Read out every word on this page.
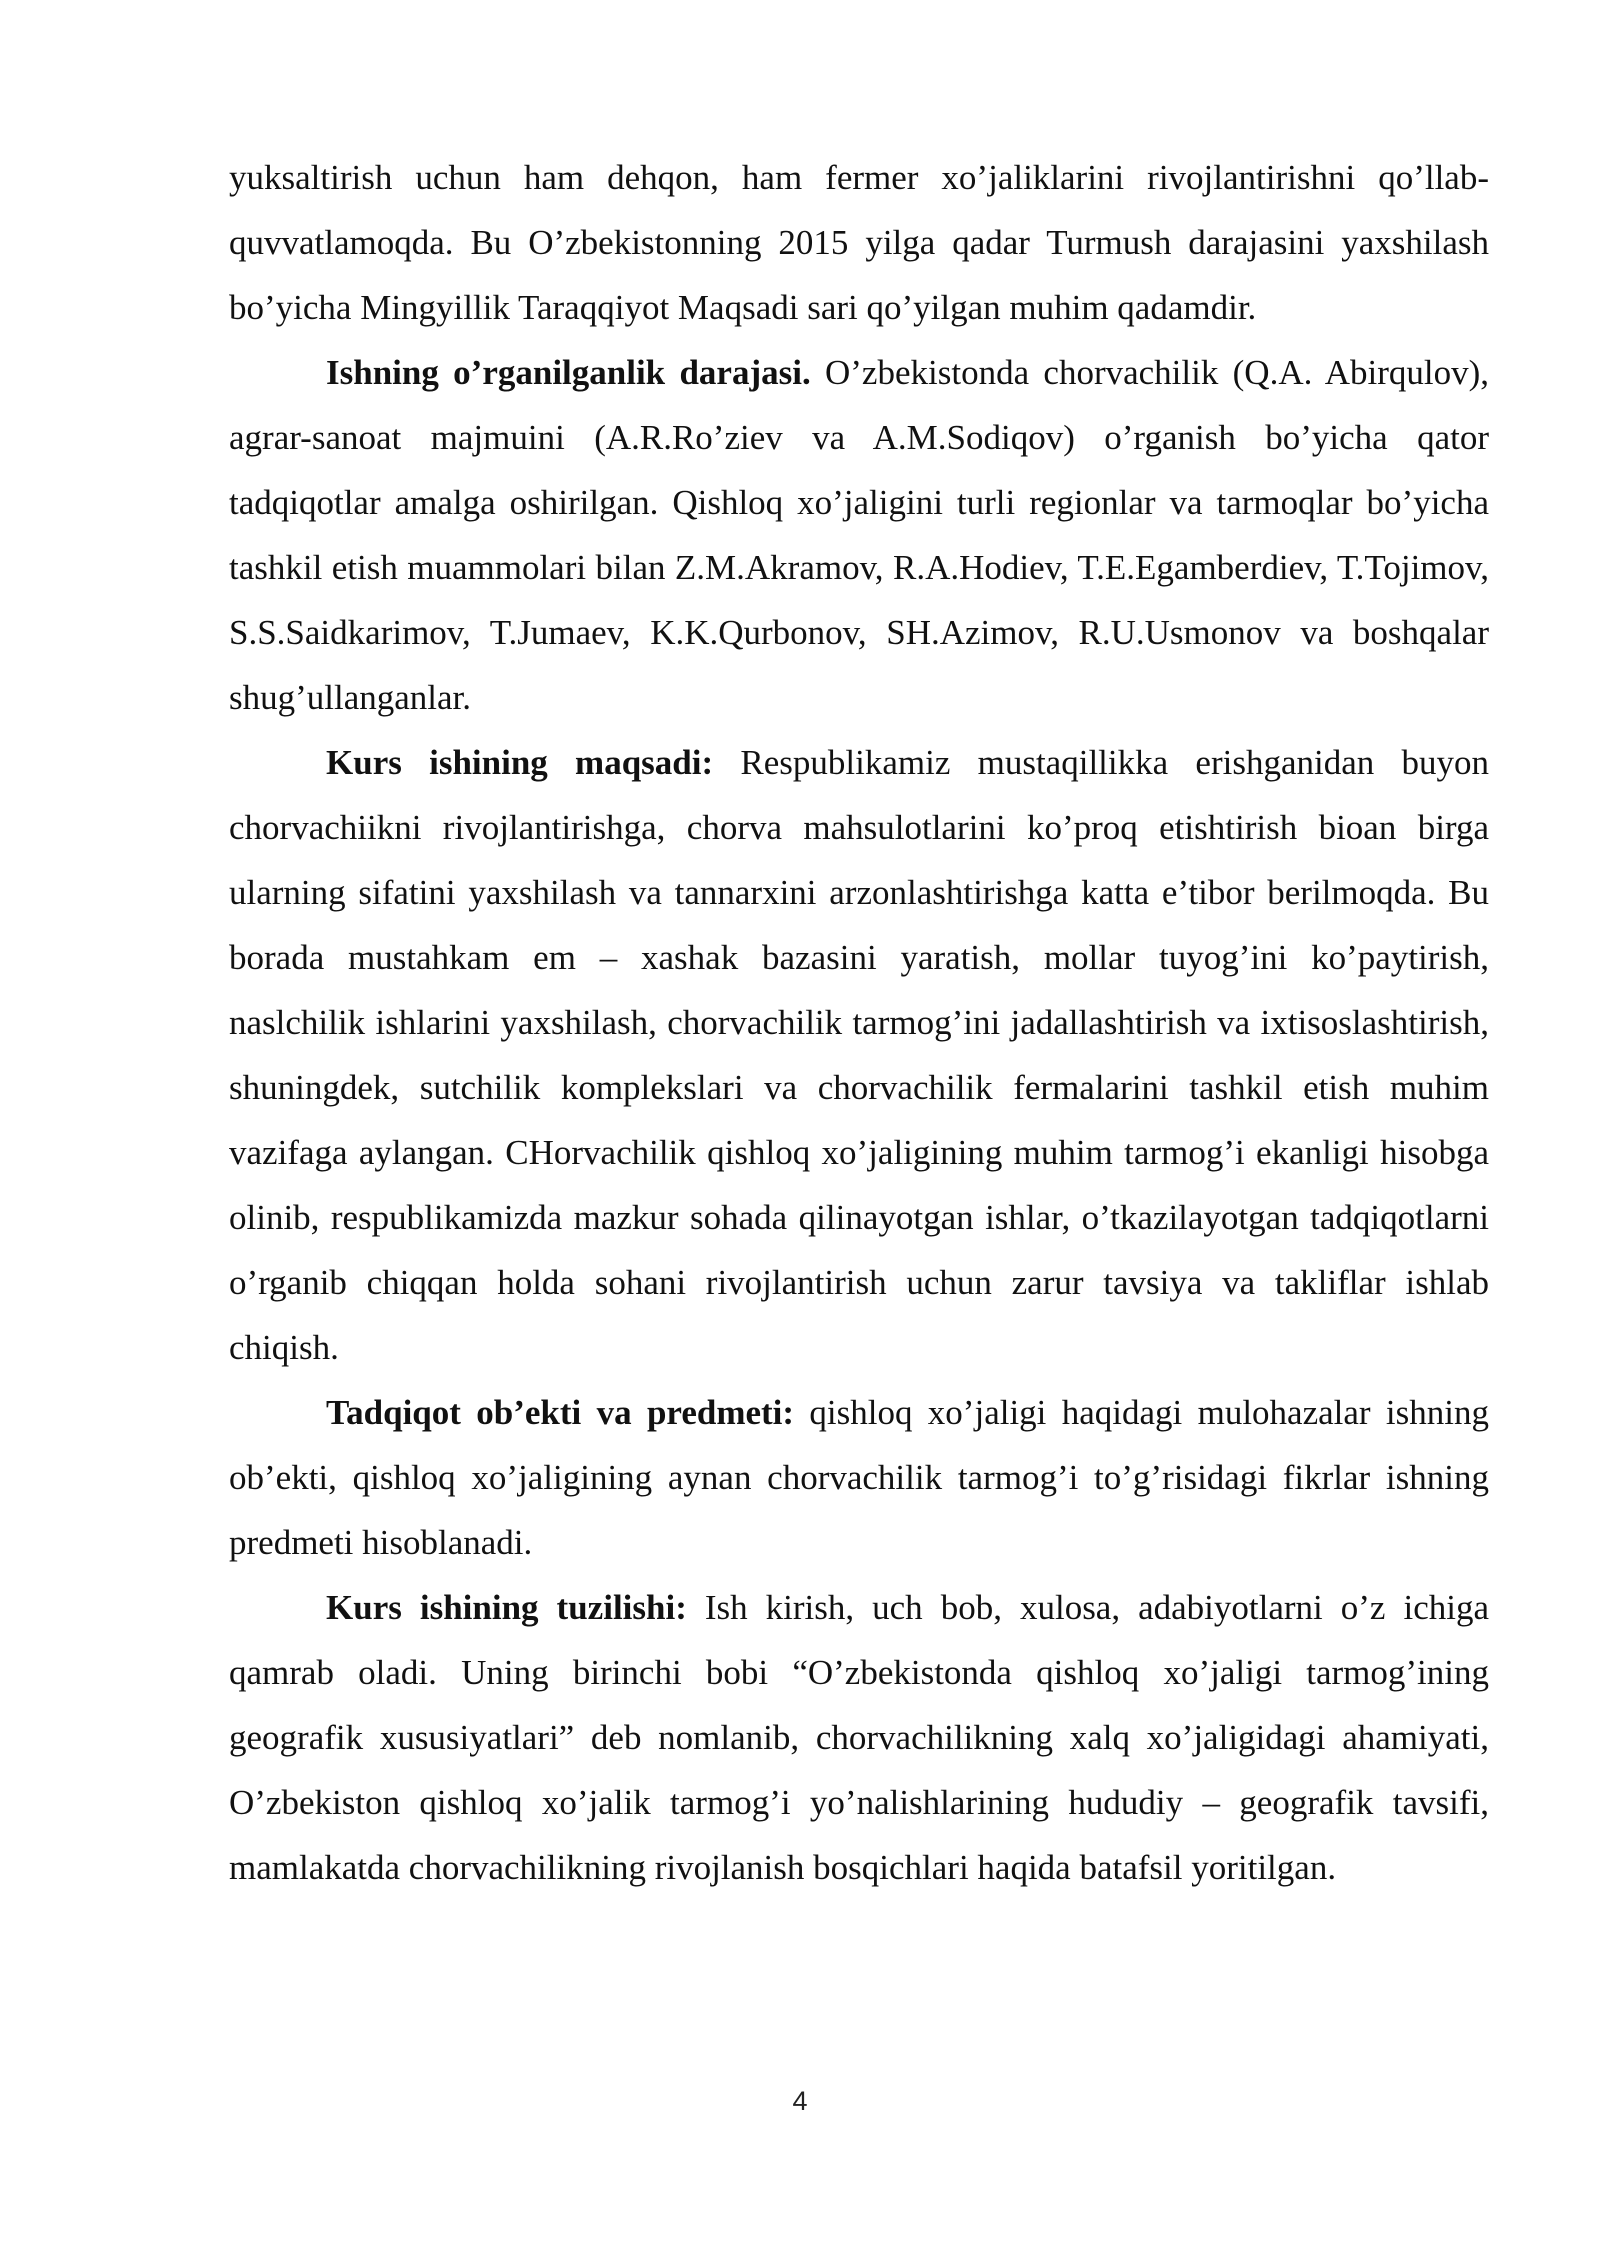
yuksaltirish uchun ham dehqon, ham fermer xo’jaliklarini rivojlantirishni qo’llab-quvvatlamoqda. Bu O’zbekistonning 2015 yilga qadar Turmush darajasini yaxshilash bo’yicha Mingyillik Taraqqiyot Maqsadi sari qo’yilgan muhim qadamdir.

Ishning o’rganilganlik darajasi. O’zbekistonda chorvachilik (Q.A. Abirqulov), agrar-sanoat majmuini (A.R.Ro’ziev va A.M.Sodiqov) o’rganish bo’yicha qator tadqiqotlar amalga oshirilgan. Qishloq xo’jaligini turli regionlar va tarmoqlar bo’yicha tashkil etish muammolari bilan Z.M.Akramov, R.A.Hodiev, T.E.Egamberdiev, T.Tojimov, S.S.Saidkarimov, T.Jumaev, K.K.Qurbonov, SH.Azimov, R.U.Usmonov va boshqalar shug’ullanganlar.

Kurs ishining maqsadi: Respublikamiz mustaqillikka erishganidan buyon chorvachiikni rivojlantirishga, chorva mahsulotlarini ko’proq etishtirish bioan birga ularning sifatini yaxshilash va tannarxini arzonlashtirishga katta e’tibor berilmoqda. Bu borada mustahkam em – xashak bazasini yaratish, mollar tuyog’ini ko’paytirish, naslchilik ishlarini yaxshilash, chorvachilik tarmog’ini jadallashtirish va ixtisoslashtirish, shuningdek, sutchilik komplekslari va chorvachilik fermalarini tashkil etish muhim vazifaga aylangan. CHorvachilik qishloq xo’jaligining muhim tarmog’i ekanligi hisobga olinib, respublikamizda mazkur sohada qilinayotgan ishlar, o’tkazilayotgan tadqiqotlarni o’rganib chiqqan holda sohani rivojlantirish uchun zarur tavsiya va takliflar ishlab chiqish.

Tadqiqot ob’ekti va predmeti: qishloq xo’jaligi haqidagi mulohazalar ishning ob’ekti, qishloq xo’jaligining aynan chorvachilik tarmog’i to’g’risidagi fikrlar ishning predmeti hisoblanadi.

Kurs ishining tuzilishi: Ish kirish, uch bob, xulosa, adabiyotlarni o’z ichiga qamrab oladi. Uning birinchi bobi “O’zbekistonda qishloq xo’jaligi tarmog’ining geografik xususiyatlari” deb nomlanib, chorvachilikning xalq xo’jaligidagi ahamiyati, O’zbekiston qishloq xo’jalik tarmog’i yo’nalishlarining hududiy – geografik tavsifi, mamlakatda chorvachilikning rivojlanish bosqichlari haqida batafsil yoritilgan.

4
